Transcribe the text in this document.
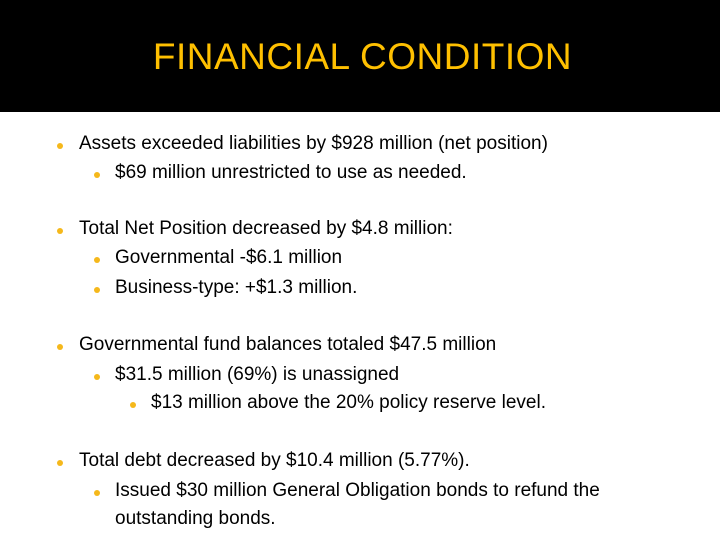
FINANCIAL CONDITION
Assets exceeded liabilities by $928 million (net position)
$69 million unrestricted to use as needed.
Total Net Position decreased by $4.8 million:
Governmental -$6.1 million
Business-type: +$1.3 million.
Governmental fund balances totaled $47.5 million
$31.5 million (69%) is unassigned
$13 million above the 20% policy reserve level.
Total debt decreased by $10.4 million (5.77%).
Issued $30 million General Obligation bonds to refund the
outstanding bonds.
